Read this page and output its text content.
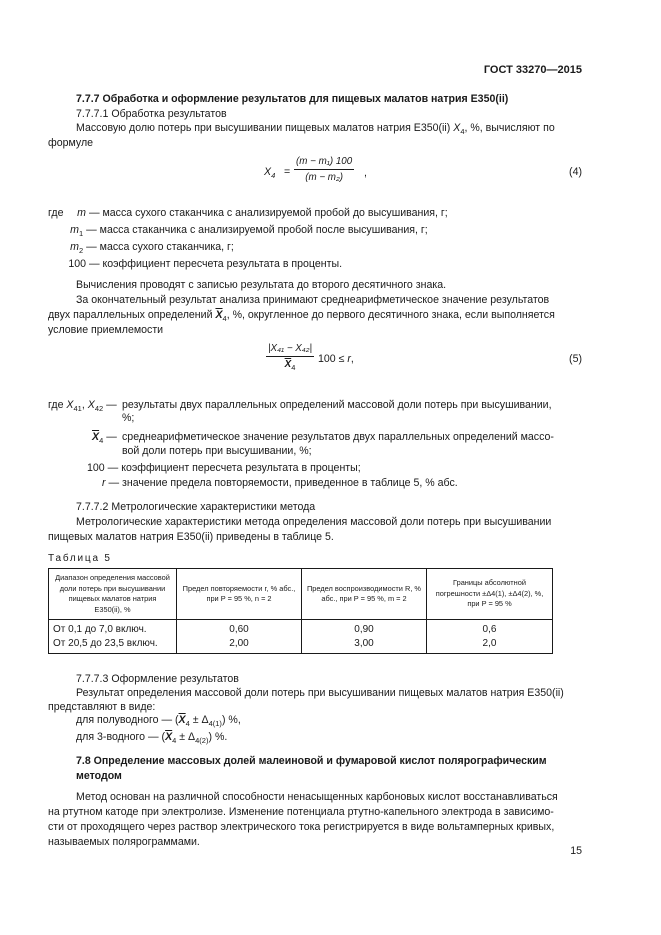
ГОСТ 33270—2015
7.7.7 Обработка и оформление результатов для пищевых малатов натрия E350(ii)
7.7.7.1 Обработка результатов
Массовую долю потерь при высушивании пищевых малатов натрия E350(ii) $X_4$, %, вычисляют по
формуле
$X_4 = \frac{\text{(m − m₁) 100}}{\text{(m − m₂)}}$ ,	(4)
где	m — масса сухого стаканчика с анализируемой пробой до высушивания, г;
$m_1$ — масса стаканчика с анализируемой пробой после высушивания, г;
$m_2$ — масса сухого стаканчика, г;
100 — коэффициент пересчета результата в проценты.
Вычисления проводят с записью результата до второго десятичного знака.
За окончательный результат анализа принимают среднеарифметическое значение результатов
двух параллельных определений $\overline{X}_4$, %, округленное до первого десятичного знака, если выполняется
условие приемлемости
$\frac{\text{|X₄₁ − X₄₂|}}{\overline{X}_4} 100 \le r$,	(5)
где $X_{41}$, $X_{42}$ — результаты двух параллельных определений массовой доли потерь при высушивании,
%;
$\overline{X}_4$ — среднеарифметическое значение результатов двух параллельных определений массо-
вой доли потерь при высушивании, %;
100 — коэффициент пересчета результата в проценты;
r — значение предела повторяемости, приведенное в таблице 5, % абс.
7.7.7.2 Метрологические характеристики метода
Метрологические характеристики метода определения массовой доли потерь при высушивании
пищевых малатов натрия E350(ii) приведены в таблице 5.
Таблица 5
Диапазон определения массовой доли потерь при высушивании пищевых малатов натрия E350(ii), %	Предел повторяемости r, % абс., при P = 95 %, n = 2	Предел воспроизводимости R, % абс., при P = 95 %, m = 2	Границы абсолютной погрешности ±Δ4(1), ±Δ4(2), %, при P = 95 %
От 0,1 до 7,0 включ.	0,60	0,90	0,6
От 20,5 до 23,5 включ.	2,00	3,00	2,0
7.7.7.3 Оформление результатов
Результат определения массовой доли потерь при высушивании пищевых малатов натрия E350(ii)
представляют в виде:
для полуводного — $(\overline{X}_4 \pm \Delta_{4(1)})$ %,
для 3-водного — $(\overline{X}_4 \pm \Delta_{4(2)})$ %.
7.8 Определение массовых долей малеиновой и фумаровой кислот полярографическим
методом
Метод основан на различной способности ненасыщенных карбоновых кислот восстанавливаться
на ртутном катоде при электролизе. Изменение потенциала ртутно-капельного электрода в зависимо-
сти от проходящего через раствор электрического тока регистрируется в виде вольтамперных кривых,
называемых полярограммами.
15
